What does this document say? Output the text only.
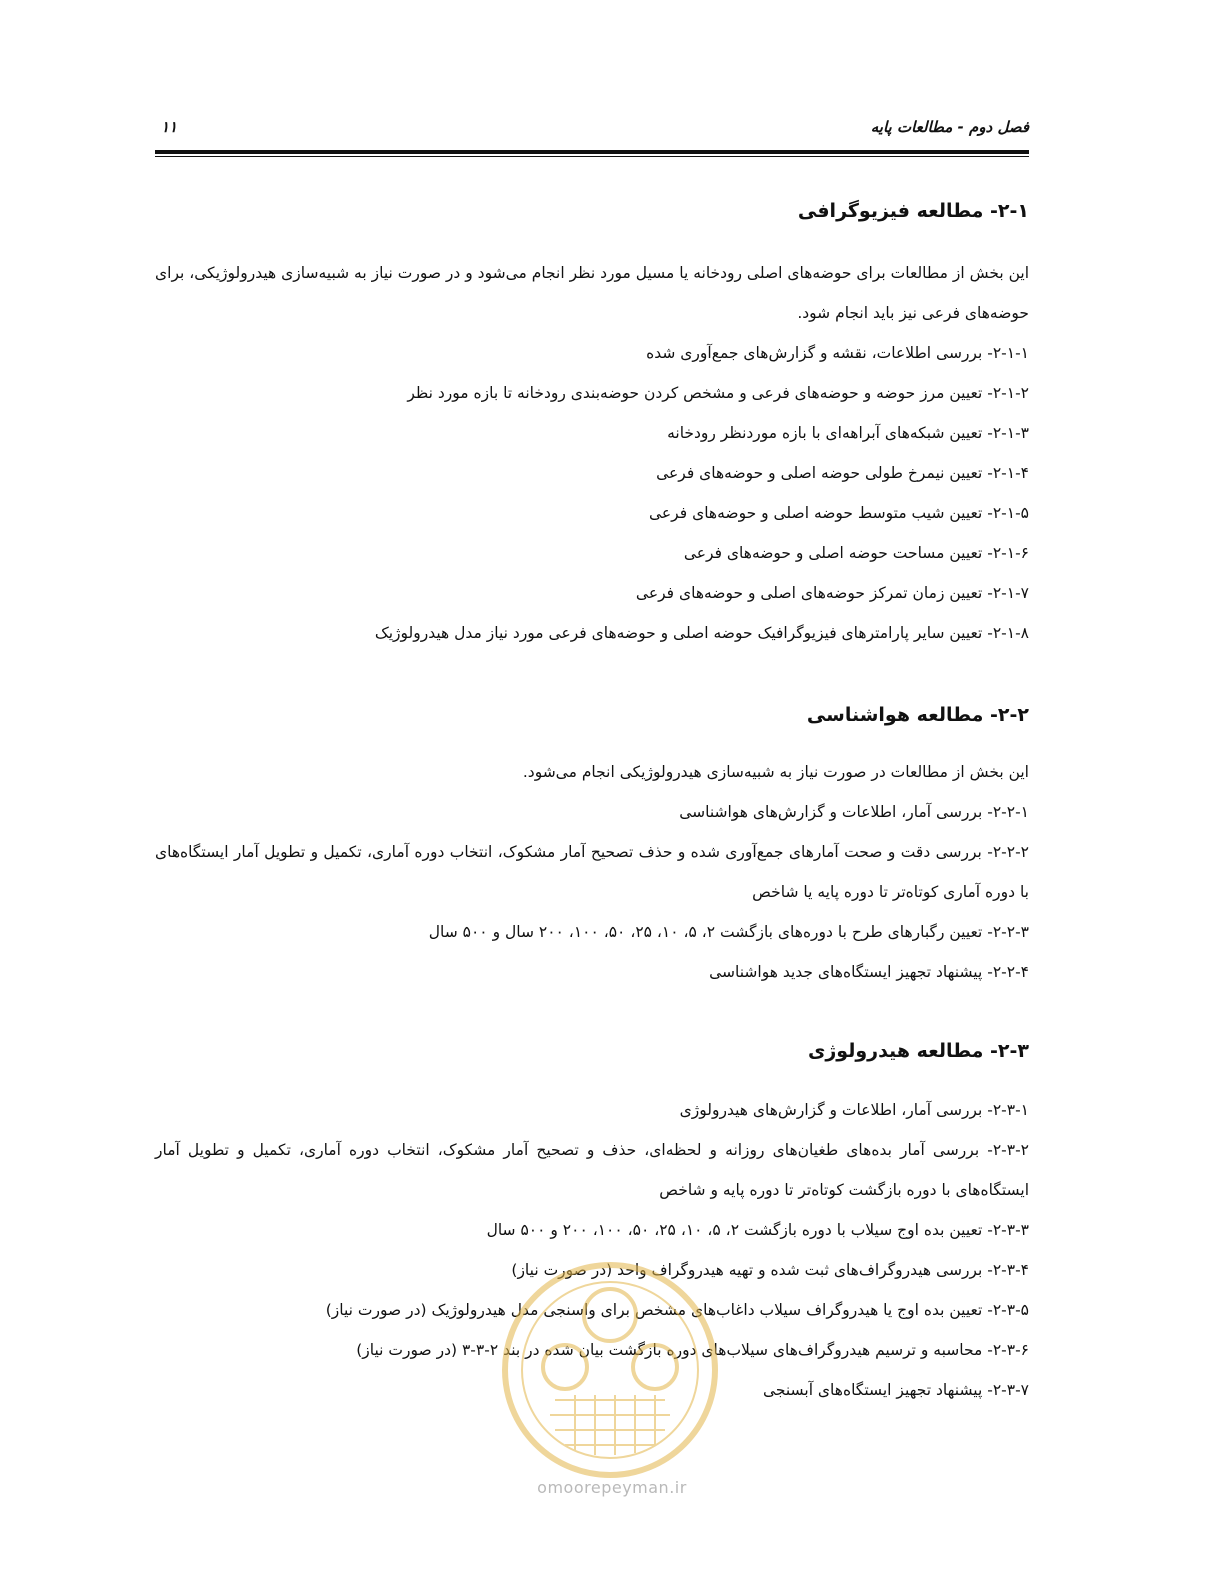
فصل دوم - مطالعات پایه
۱۱
۲-۱- مطالعه فیزیوگرافی

این بخش از مطالعات برای حوضه‌های اصلی رودخانه یا مسیل مورد نظر انجام می‌شود و در صورت نیاز به شبیه‌سازی هیدرولوژیکی، برای حوضه‌های فرعی نیز باید انجام شود.

۲-۱-۱- بررسی اطلاعات، نقشه و گزارش‌های جمع‌آوری شده

۲-۱-۲- تعیین مرز حوضه و حوضه‌های فرعی و مشخص کردن حوضه‌بندی رودخانه تا بازه مورد نظر

۲-۱-۳- تعیین شبکه‌های آبراهه‌ای با بازه موردنظر رودخانه

۲-۱-۴- تعیین نیمرخ طولی حوضه اصلی و حوضه‌های فرعی

۲-۱-۵- تعیین شیب متوسط حوضه اصلی و حوضه‌های فرعی

۲-۱-۶- تعیین مساحت حوضه اصلی و حوضه‌های فرعی

۲-۱-۷- تعیین زمان تمرکز حوضه‌های اصلی و حوضه‌های فرعی

۲-۱-۸- تعیین سایر پارامترهای فیزیوگرافیک حوضه اصلی و حوضه‌های فرعی مورد نیاز مدل هیدرولوژیک

۲-۲- مطالعه هواشناسی

این بخش از مطالعات در صورت نیاز به شبیه‌سازی هیدرولوژیکی انجام می‌شود.

۲-۲-۱- بررسی آمار، اطلاعات و گزارش‌های هواشناسی

۲-۲-۲- بررسی دقت و صحت آمارهای جمع‌آوری شده و حذف تصحیح آمار مشکوک، انتخاب دوره آماری، تکمیل و تطویل آمار ایستگاه‌های با دوره آماری کوتاه‌تر تا دوره پایه یا شاخص

۲-۲-۳- تعیین رگبارهای طرح با دوره‌های بازگشت ۲، ۵، ۱۰، ۲۵، ۵۰، ۱۰۰، ۲۰۰ سال و ۵۰۰ سال

۲-۲-۴- پیشنهاد تجهیز ایستگاه‌های جدید هواشناسی

۲-۳- مطالعه هیدرولوژی

۲-۳-۱- بررسی آمار، اطلاعات و گزارش‌های هیدرولوژی

۲-۳-۲- بررسی آمار بده‌های طغیان‌های روزانه و لحظه‌ای، حذف و تصحیح آمار مشکوک، انتخاب دوره آماری، تکمیل و تطویل آمار ایستگاه‌های با دوره بازگشت کوتاه‌تر تا دوره پایه و شاخص

۲-۳-۳- تعیین بده اوج سیلاب با دوره بازگشت ۲، ۵، ۱۰، ۲۵، ۵۰، ۱۰۰، ۲۰۰ و ۵۰۰ سال

۲-۳-۴- بررسی هیدروگراف‌های ثبت شده و تهیه هیدروگراف واحد (در صورت نیاز)

۲-۳-۵- تعیین بده اوج یا هیدروگراف سیلاب داغاب‌های مشخص برای واسنجی مدل هیدرولوژیک (در صورت نیاز)

۲-۳-۶- محاسبه و ترسیم هیدروگراف‌های سیلاب‌های دوره بازگشت بیان شده در بند ۲-۳-۳ (در صورت نیاز)

۲-۳-۷- پیشنهاد تجهیز ایستگاه‌های آبسنجی

omoorepeyman.ir
